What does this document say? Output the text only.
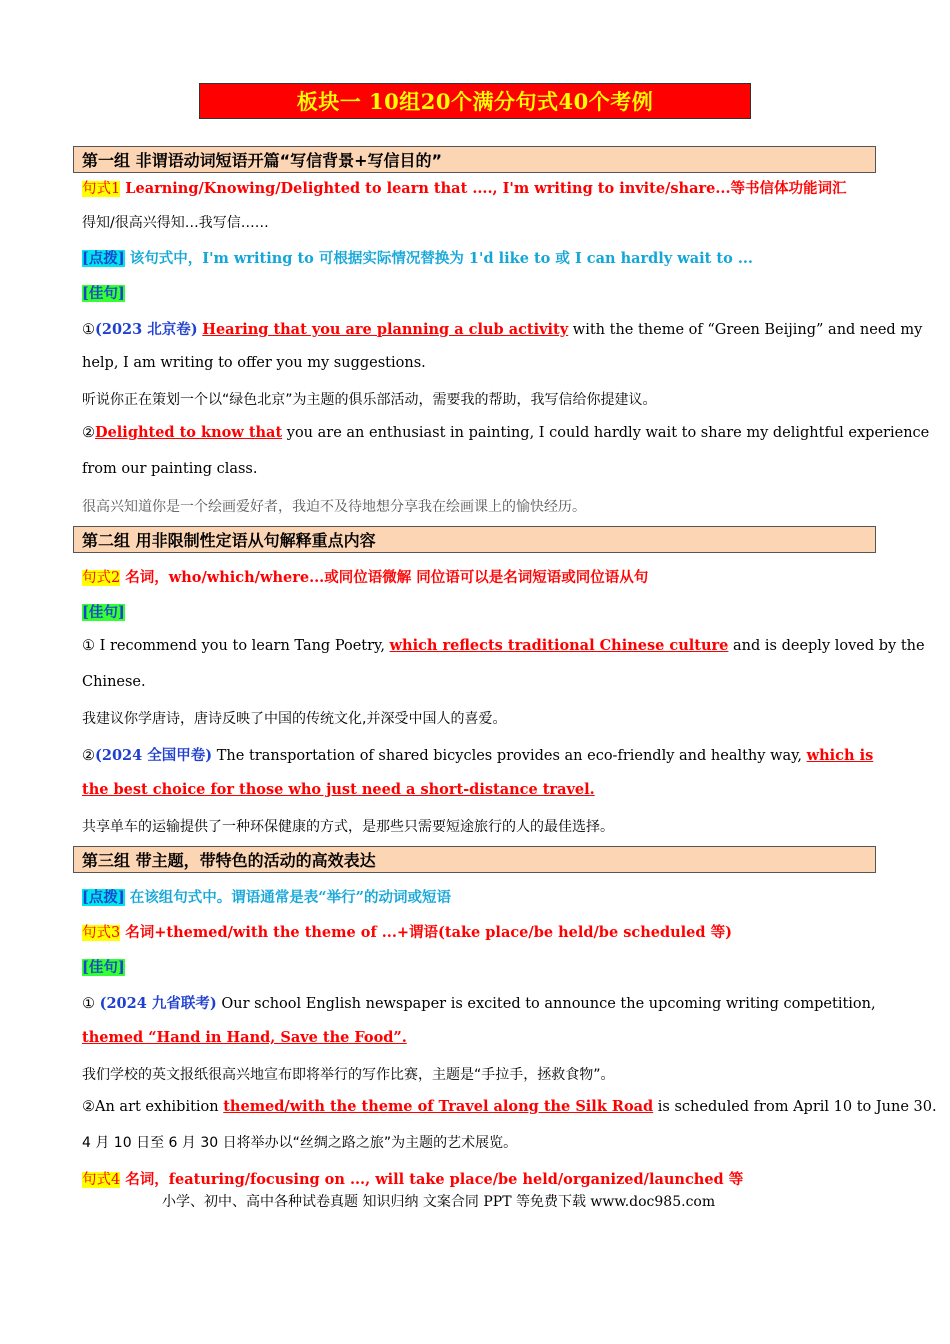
板块一 10组20个满分句式40个考例
第一组 非谓语动词短语开篇“写信背景+写信目的”
句式1 Learning/Knowing/Delighted to learn that ...., I'm writing to invite/share...等书信体功能词汇
得知/很高兴得知…我写信……
[点拨] 该句式中，I'm writing to 可根据实际情况替换为 1'd like to 或 I can hardly wait to ...
[佳句]
①(2023 北京卷) Hearing that you are planning a club activity with the theme of “Green Beijing” and need my
help, I am writing to offer you my suggestions.
听说你正在策划一个以“绿色北京”为主题的俱乐部活动，需要我的帮助，我写信给你提建议。
②Delighted to know that you are an enthusiast in painting, I could hardly wait to share my delightful experience
from our painting class.
很高兴知道你是一个绘画爱好者，我迫不及待地想分享我在绘画课上的愉快经历。
第二组 用非限制性定语从句解释重点内容
句式2 名词，who/which/where...或同位语微解 同位语可以是名词短语或同位语从句
[佳句]
① I recommend you to learn Tang Poetry, which reflects traditional Chinese culture and is deeply loved by the
Chinese.
我建议你学唐诗，唐诗反映了中国的传统文化,并深受中国人的喜爱。
②(2024 全国甲卷) The transportation of shared bicycles provides an eco-friendly and healthy way, which is
the best choice for those who just need a short-distance travel.
共享单车的运输提供了一种环保健康的方式，是那些只需要短途旅行的人的最佳选择。
第三组 带主题，带特色的活动的高效表达
[点拨] 在该组句式中。谓语通常是表“举行”的动词或短语
句式3 名词+themed/with the theme of ...+谓语(take place/be held/be scheduled 等)
[佳句]
① (2024 九省联考) Our school English newspaper is excited to announce the upcoming writing competition,
themed “Hand in Hand, Save the Food”.
我们学校的英文报纸很高兴地宣布即将举行的写作比赛，主题是“手拉手，拯救食物”。
②An art exhibition themed/with the theme of Travel along the Silk Road is scheduled from April 10 to June 30.
4 月 10 日至 6 月 30 日将举办以“丝绸之路之旅”为主题的艺术展览。
句式4 名词，featuring/focusing on ..., will take place/be held/organized/launched 等
小学、初中、高中各种试卷真题 知识归纳 文案合同 PPT 等免费下载 www.doc985.com
